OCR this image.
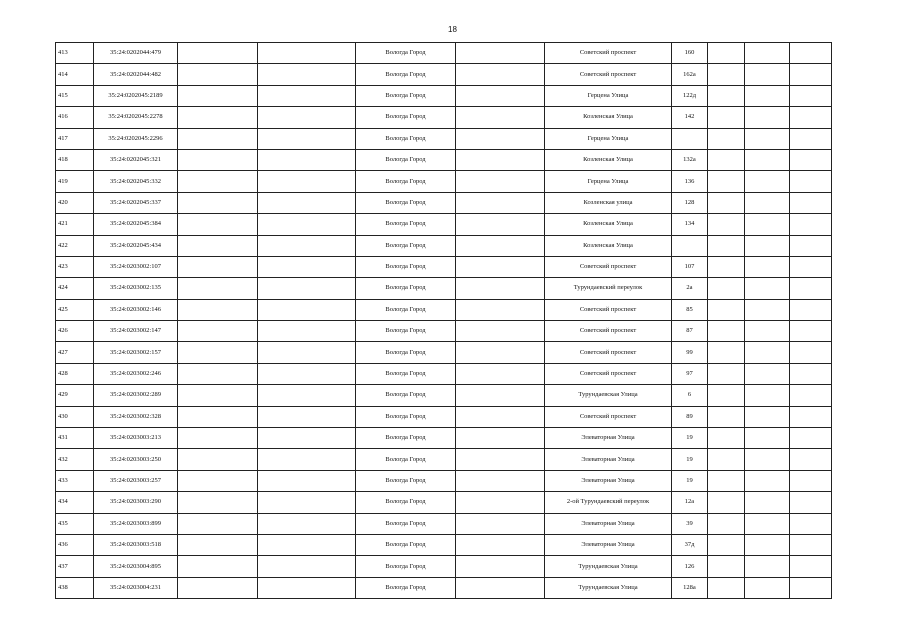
18
413	35:24:0202044:479			Вологда Город		Советский проспект	160			
414	35:24:0202044:482			Вологда Город		Советский проспект	162а			
415	35:24:0202045:2189			Вологда Город		Герцена Улица	122д			
416	35:24:0202045:2278			Вологда Город		Козленская Улица	142			
417	35:24:0202045:2296			Вологда Город		Герцена Улица				
418	35:24:0202045:321			Вологда Город		Козленская Улица	132а			
419	35:24:0202045:332			Вологда Город		Герцена Улица	136			
420	35:24:0202045:337			Вологда Город		Козленская улица	128			
421	35:24:0202045:384			Вологда Город		Козленская Улица	134			
422	35:24:0202045:434			Вологда Город		Козленская Улица				
423	35:24:0203002:107			Вологда Город		Советский проспект	107			
424	35:24:0203002:135			Вологда Город		Турундаевский переулок	2а			
425	35:24:0203002:146			Вологда Город		Советский проспект	85			
426	35:24:0203002:147			Вологда Город		Советский проспект	87			
427	35:24:0203002:157			Вологда Город		Советский проспект	99			
428	35:24:0203002:246			Вологда Город		Советский проспект	97			
429	35:24:0203002:289			Вологда Город		Турундаевская Улица	6			
430	35:24:0203002:328			Вологда Город		Советский проспект	89			
431	35:24:0203003:213			Вологда Город		Элеваторная Улица	19			
432	35:24:0203003:250			Вологда Город		Элеваторная Улица	19			
433	35:24:0203003:257			Вологда Город		Элеваторная Улица	19			
434	35:24:0203003:290			Вологда Город		2-ой Турундаевский переулок	12а			
435	35:24:0203003:899			Вологда Город		Элеваторная Улица	39			
436	35:24:0203003:518			Вологда Город		Элеваторная Улица	37д			
437	35:24:0203004:895			Вологда Город		Турундаевская Улица	126			
438	35:24:0203004:231			Вологда Город		Турундаевская Улица	128а			
